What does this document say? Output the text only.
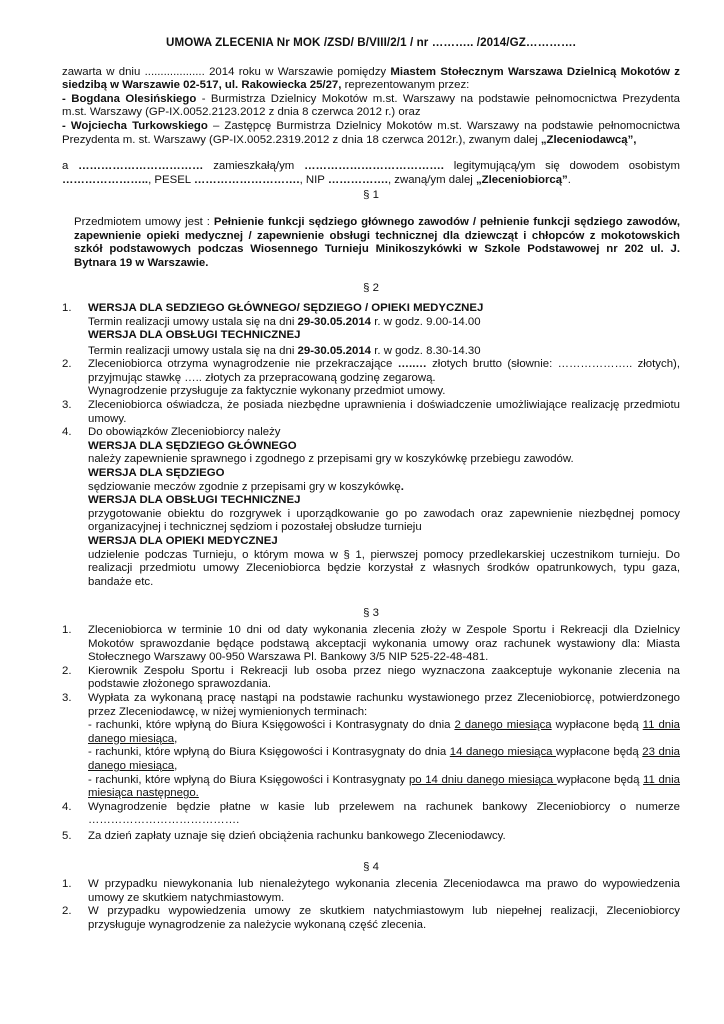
UMOWA ZLECENIA Nr MOK /ZSD/ B/VIII/2/1 / nr ……….. /2014/GZ………….

zawarta w dniu ................... 2014 roku w Warszawie pomiędzy Miastem Stołecznym Warszawa Dzielnicą Mokotów z siedzibą w Warszawie 02-517, ul. Rakowiecka 25/27, reprezentowanym przez:

- Bogdana Olesińskiego - Burmistrza Dzielnicy Mokotów m.st. Warszawy na podstawie pełnomocnictwa Prezydenta m.st. Warszawy (GP-IX.0052.2123.2012 z dnia 8 czerwca 2012 r.) oraz

- Wojciecha Turkowskiego – Zastępcę Burmistrza Dzielnicy Mokotów m.st. Warszawy na podstawie pełnomocnictwa Prezydenta m. st. Warszawy (GP-IX.0052.2319.2012 z dnia 18 czerwca 2012r.), zwanym dalej „Zleceniodawcą”,

a …………………………… zamieszkałą/ym ………………………………. legitymującą/ym się dowodem osobistym ………………….., PESEL ………………………., NIP ……………., zwaną/ym dalej „Zleceniobiorcą”.

§ 1

Przedmiotem umowy jest : Pełnienie funkcji sędziego głównego zawodów / pełnienie funkcji sędziego zawodów, zapewnienie opieki medycznej / zapewnienie obsługi technicznej dla dziewcząt i chłopców z mokotowskich szkół podstawowych podczas Wiosennego Turnieju Minikoszykówki w Szkole Podstawowej nr 202 ul. J. Bytnara 19 w Warszawie.

§ 2

1. WERSJA DLA SEDZIEGO GŁÓWNEGO/ SĘDZIEGO / OPIEKI MEDYCZNEJ

Termin realizacji umowy ustala się na dni 29-30.05.2014 r. w godz. 9.00-14.00

WERSJA DLA OBSŁUGI TECHNICZNEJ

Termin realizacji umowy ustala się na dni 29-30.05.2014 r. w godz. 8.30-14.30

2. Zleceniobiorca otrzyma wynagrodzenie nie przekraczające …..… złotych brutto (słownie: ……………….. złotych), przyjmując stawkę ….. złotych za przepracowaną godzinę zegarową.

Wynagrodzenie przysługuje za faktycznie wykonany przedmiot umowy.

3. Zleceniobiorca oświadcza, że posiada niezbędne uprawnienia i doświadczenie umożliwiające realizację przedmiotu umowy.

4. Do obowiązków Zleceniobiorcy należy

WERSJA DLA SĘDZIEGO GŁÓWNEGO

należy zapewnienie sprawnego i zgodnego z przepisami gry w koszykówkę przebiegu zawodów.

WERSJA DLA SĘDZIEGO

sędziowanie meczów zgodnie z przepisami gry w koszykówkę.

WERSJA DLA OBSŁUGI TECHNICZNEJ

przygotowanie obiektu do rozgrywek i uporządkowanie go po zawodach oraz zapewnienie niezbędnej pomocy organizacyjnej i technicznej sędziom i pozostałej obsłudze turnieju

WERSJA DLA OPIEKI MEDYCZNEJ

udzielenie podczas Turnieju, o którym mowa w § 1, pierwszej pomocy przedlekarskiej uczestnikom turnieju. Do realizacji przedmiotu umowy Zleceniobiorca będzie korzystał z własnych środków opatrunkowych, typu gaza, bandaże etc.

§ 3

1. Zleceniobiorca w terminie 10 dni od daty wykonania zlecenia złoży w Zespole Sportu i Rekreacji dla Dzielnicy Mokotów sprawozdanie będące podstawą akceptacji wykonania umowy oraz rachunek wystawiony dla: Miasta Stołecznego Warszawy 00-950 Warszawa Pl. Bankowy 3/5 NIP 525-22-48-481.

2. Kierownik Zespołu Sportu i Rekreacji lub osoba przez niego wyznaczona zaakceptuje wykonanie zlecenia na podstawie złożonego sprawozdania.

3. Wypłata za wykonaną pracę nastąpi na podstawie rachunku wystawionego przez Zleceniobiorcę, potwierdzonego przez Zleceniodawcę, w niżej wymienionych terminach:

- rachunki, które wpłyną do Biura Księgowości i Kontrasygnaty do dnia 2 danego miesiąca wypłacone będą 11 dnia danego miesiąca,

- rachunki, które wpłyną do Biura Księgowości i Kontrasygnaty do dnia 14 danego miesiąca wypłacone będą 23 dnia danego miesiąca,

- rachunki, które wpłyną do Biura Księgowości i Kontrasygnaty po 14 dniu danego miesiąca wypłacone będą 11 dnia miesiąca następnego.

4. Wynagrodzenie będzie płatne w kasie lub przelewem na rachunek bankowy Zleceniobiorcy o numerze ………………………………….

5. Za dzień zapłaty uznaje się dzień obciążenia rachunku bankowego Zleceniodawcy.

§ 4

1. W przypadku niewykonania lub nienależytego wykonania zlecenia Zleceniodawca ma prawo do wypowiedzenia umowy ze skutkiem natychmiastowym.

2. W przypadku wypowiedzenia umowy ze skutkiem natychmiastowym lub niepełnej realizacji, Zleceniobiorcy przysługuje wynagrodzenie za należycie wykonaną część zlecenia.
